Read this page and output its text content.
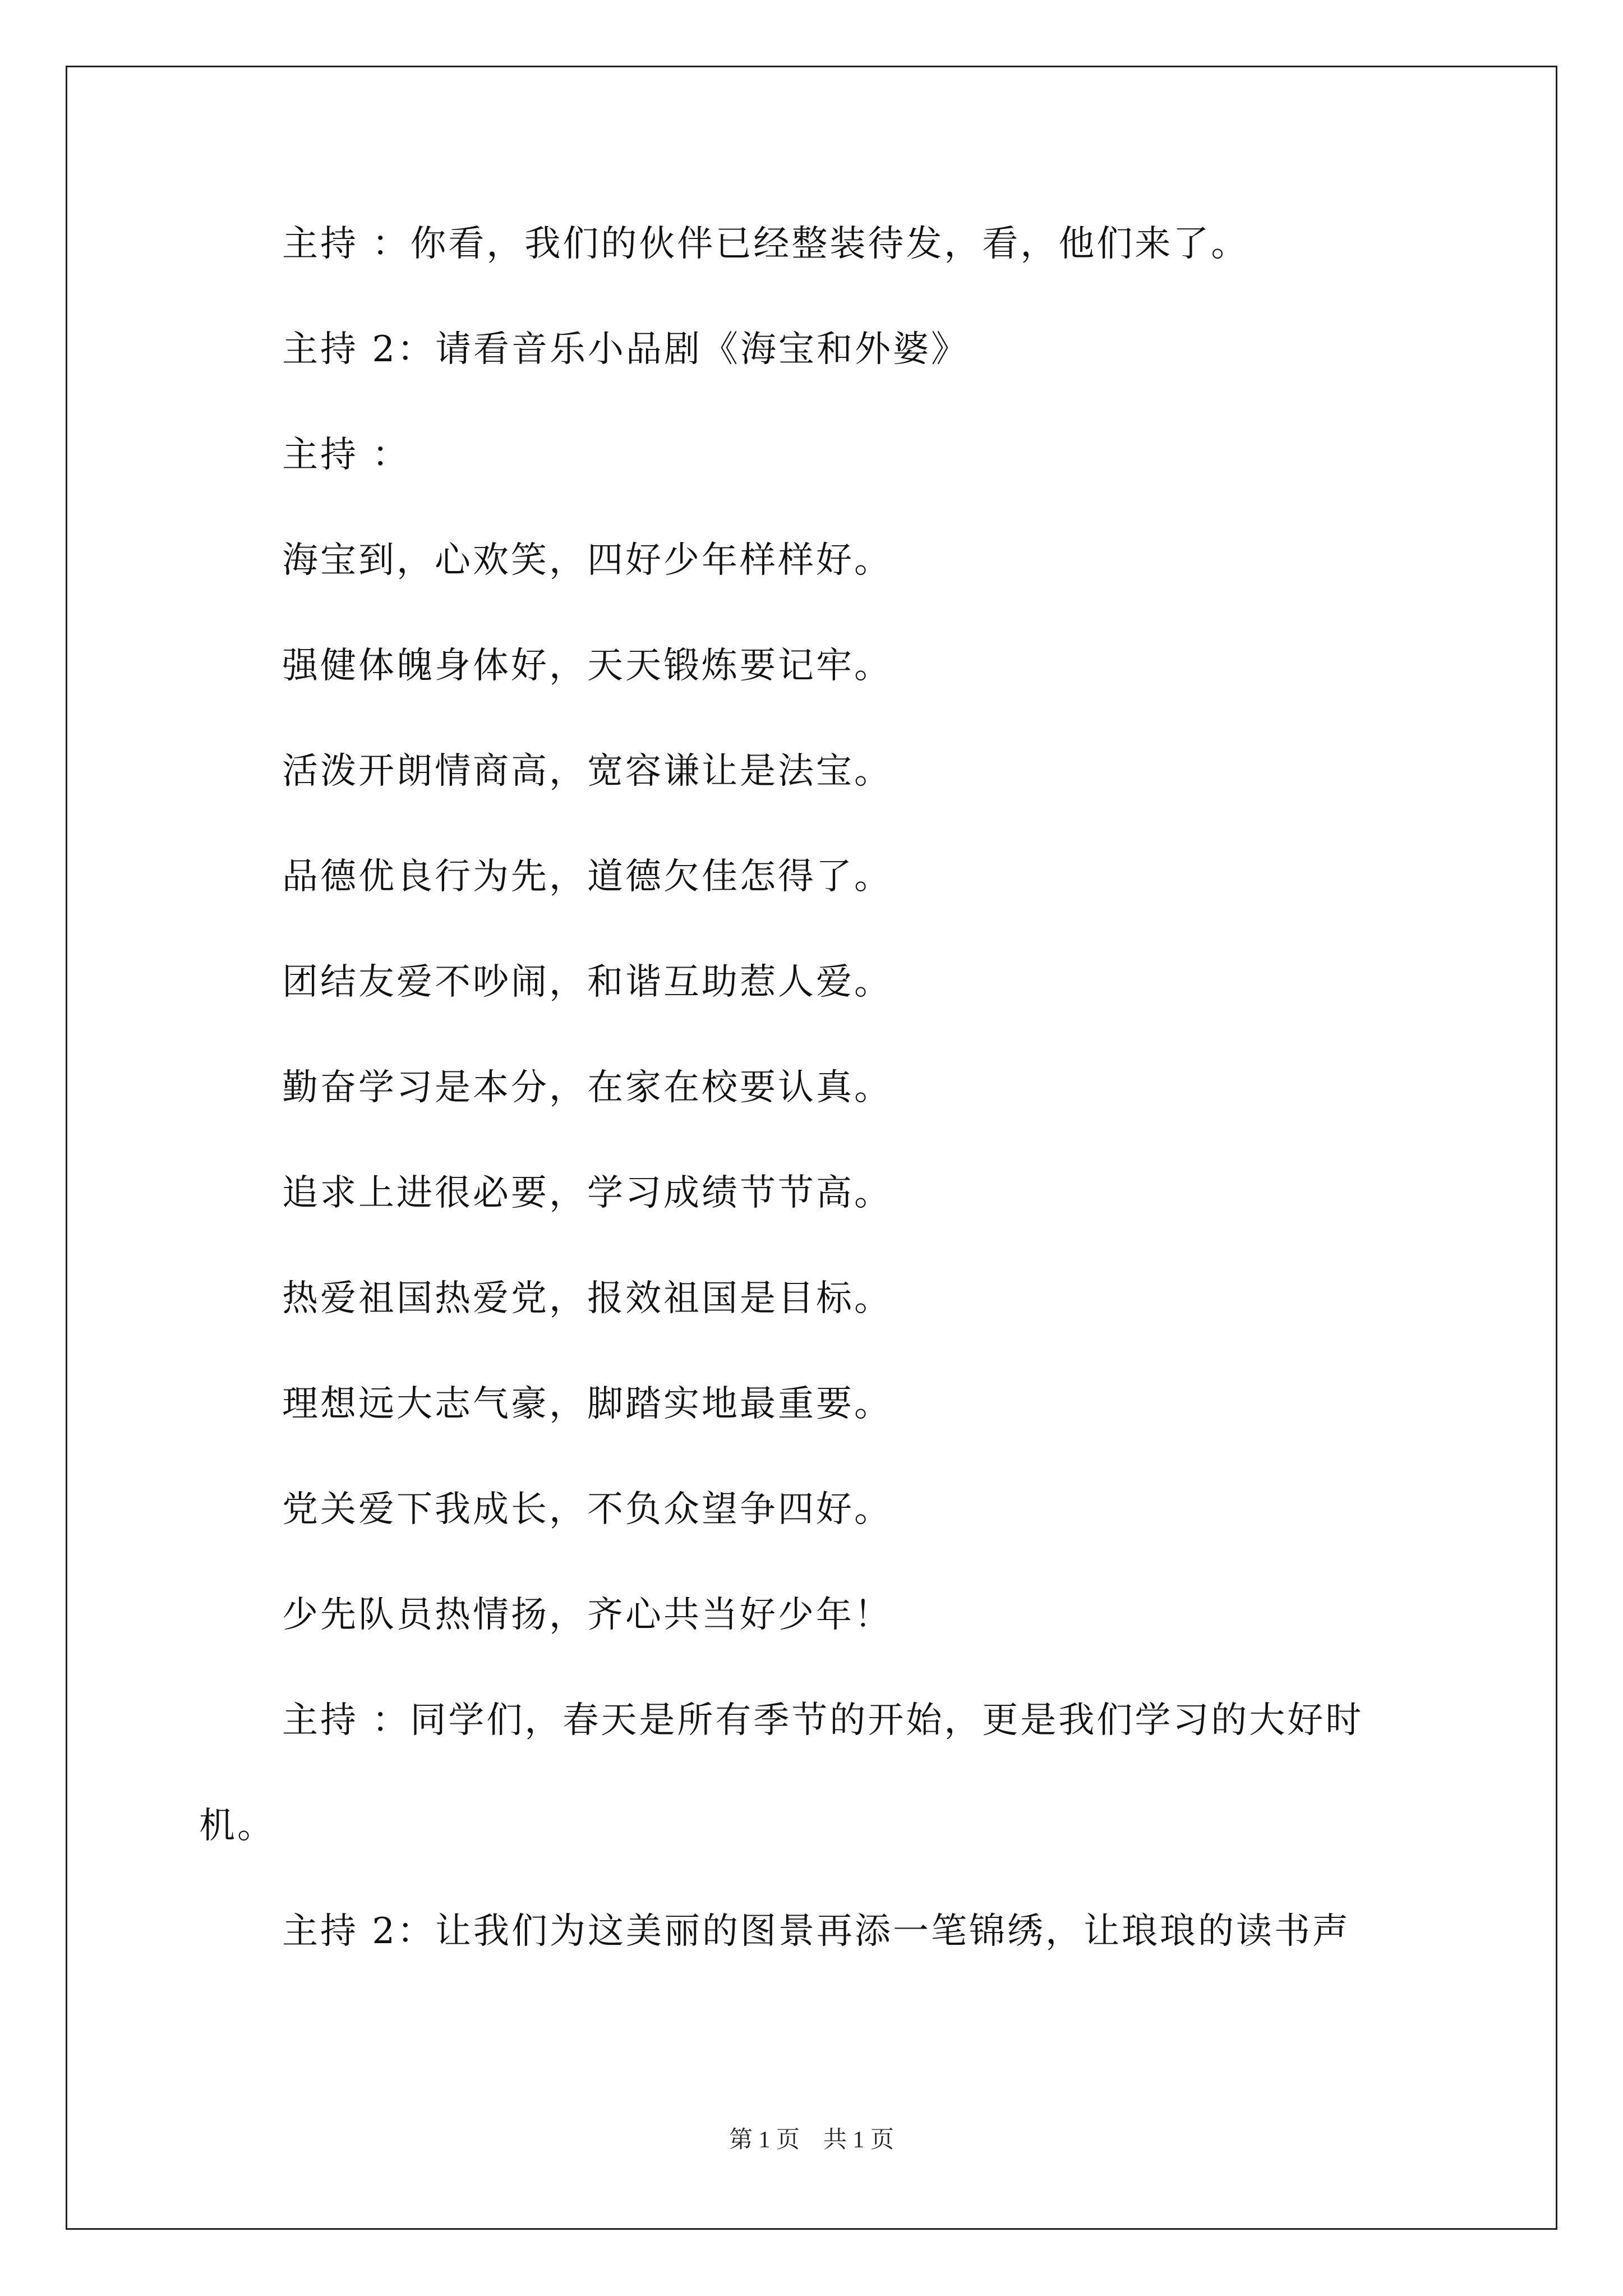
主持 ：你看，我们的伙伴已经整装待发，看，他们来了。
主持 2：请看音乐小品剧《海宝和外婆》
主持 ：
海宝到，心欢笑，四好少年样样好。
强健体魄身体好，天天锻炼要记牢。
活泼开朗情商高，宽容谦让是法宝。
品德优良行为先，道德欠佳怎得了。
团结友爱不吵闹，和谐互助惹人爱。
勤奋学习是本分，在家在校要认真。
追求上进很必要，学习成绩节节高。
热爱祖国热爱党，报效祖国是目标。
理想远大志气豪，脚踏实地最重要。
党关爱下我成长，不负众望争四好。
少先队员热情扬，齐心共当好少年！
主持 ：同学们，春天是所有季节的开始，更是我们学习的大好时
机。
主持 2：让我们为这美丽的图景再添一笔锦绣，让琅琅的读书声
第 1 页　共 1 页
